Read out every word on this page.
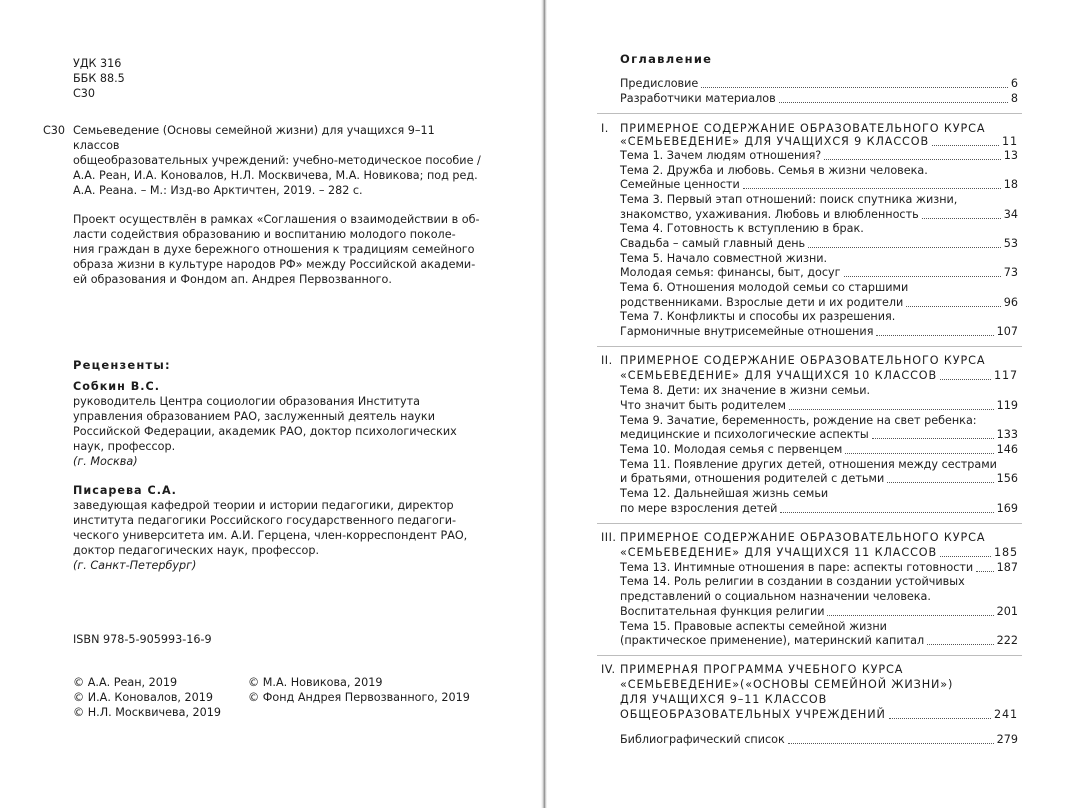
УДК 316
ББК 88.5
С30
С30 Семьеведение (Основы семейной жизни) для учащихся 9–11 классов
общеобразовательных учреждений: учебно-методическое пособие /
А.А. Реан, И.А. Коновалов, Н.Л. Москвичева, М.А. Новикова; под ред.
А.А. Реана. – М.: Изд-во Арктичтен, 2019. – 282 с.
Проект осуществлён в рамках «Соглашения о взаимодействии в об-
ласти содействия образованию и воспитанию молодого поколе-
ния граждан в духе бережного отношения к традициям семейного
образа жизни в культуре народов РФ» между Российской академи-
ей образования и Фондом ап. Андрея Первозванного.
Рецензенты:
Собкин В.С.
руководитель Центра социологии образования Института
управления образованием РАО, заслуженный деятель науки
Российской Федерации, академик РАО, доктор психологических
наук, профессор.
(г. Москва)
Писарева С.А.
заведующая кафедрой теории и истории педагогики, директор
института педагогики Российского государственного педагоги-
ческого университета им. А.И. Герцена, член-корреспондент РАО,
доктор педагогических наук, профессор.
(г. Санкт-Петербург)
ISBN 978-5-905993-16-9
© А.А. Реан, 2019
© И.А. Коновалов, 2019
© Н.Л. Москвичева, 2019
© М.А. Новикова, 2019
© Фонд Андрея Первозванного, 2019
Оглавление
Предисловие	6
Разработчики материалов	8
I. ПРИМЕРНОЕ СОДЕРЖАНИЕ ОБРАЗОВАТЕЛЬНОГО КУРСА
«СЕМЬЕВЕДЕНИЕ» ДЛЯ УЧАЩИХСЯ 9 КЛАССОВ	11
Тема 1. Зачем людям отношения?	13
Тема 2. Дружба и любовь. Семья в жизни человека.
Семейные ценности	18
Тема 3. Первый этап отношений: поиск спутника жизни,
знакомство, ухаживания. Любовь и влюбленность	34
Тема 4. Готовность к вступлению в брак.
Свадьба – самый главный день	53
Тема 5. Начало совместной жизни.
Молодая семья: финансы, быт, досуг	73
Тема 6. Отношения молодой семьи со старшими
родственниками. Взрослые дети и их родители	96
Тема 7. Конфликты и способы их разрешения.
Гармоничные внутрисемейные отношения	107
II. ПРИМЕРНОЕ СОДЕРЖАНИЕ ОБРАЗОВАТЕЛЬНОГО КУРСА
«СЕМЬЕВЕДЕНИЕ» ДЛЯ УЧАЩИХСЯ 10 КЛАССОВ	117
Тема 8. Дети: их значение в жизни семьи.
Что значит быть родителем	119
Тема 9. Зачатие, беременность, рождение на свет ребенка:
медицинские и психологические аспекты	133
Тема 10. Молодая семья с первенцем	146
Тема 11. Появление других детей, отношения между сестрами
и братьями, отношения родителей с детьми	156
Тема 12. Дальнейшая жизнь семьи
по мере взросления детей	169
III. ПРИМЕРНОЕ СОДЕРЖАНИЕ ОБРАЗОВАТЕЛЬНОГО КУРСА
«СЕМЬЕВЕДЕНИЕ» ДЛЯ УЧАЩИХСЯ 11 КЛАССОВ	185
Тема 13. Интимные отношения в паре: аспекты готовности 187
Тема 14. Роль религии в создании в создании устойчивых
представлений о социальном назначении человека.
Воспитательная функция религии	201
Тема 15. Правовые аспекты семейной жизни
(практическое применение), материнский капитал	222
IV. ПРИМЕРНАЯ ПРОГРАММА УЧЕБНОГО КУРСА
«СЕМЬЕВЕДЕНИЕ»(«ОСНОВЫ СЕМЕЙНОЙ ЖИЗНИ»)
ДЛЯ УЧАЩИХСЯ 9–11 КЛАССОВ
ОБЩЕОБРАЗОВАТЕЛЬНЫХ УЧРЕЖДЕНИЙ	241
Библиографический список	279
